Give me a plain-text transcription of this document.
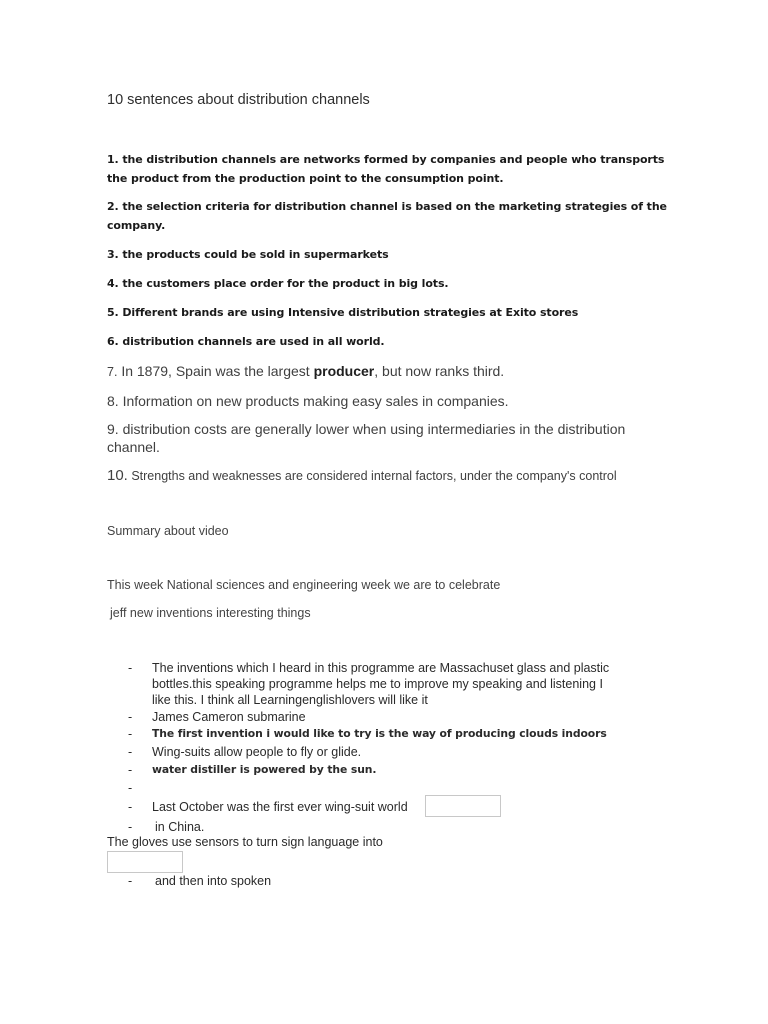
10 sentences about distribution channels
1. the distribution channels are networks formed by companies and people who transports the product from the production point to the consumption point.
2. the selection criteria for distribution channel is based on the marketing strategies of the company.
3. the products could be sold in supermarkets
4. the customers place order for the product in big lots.
5. Different brands are using Intensive distribution strategies at Exito stores
6. distribution channels are used in all world.
7. In 1879, Spain was the largest producer, but now ranks third.
8. Information on new products making easy sales in companies.
9. distribution costs are generally lower when using intermediaries in the distribution channel.
10. Strengths and weaknesses are considered internal factors, under the company's control
Summary about video
This week National sciences and engineering week we are to celebrate
jeff new inventions interesting things
- The inventions which I heard in this programme are Massachuset glass and plastic bottles.this speaking programme helps me to improve my speaking and listening I like this. I think all Learningenglishlovers will like it
- James Cameron submarine
- The first invention i would like to try is the way of producing clouds indoors
- Wing-suits allow people to fly or glide.
- water distiller is powered by the sun.
-
- Last October was the first ever wing-suit world
- in China.
The gloves use sensors to turn sign language into
- and then into spoken
